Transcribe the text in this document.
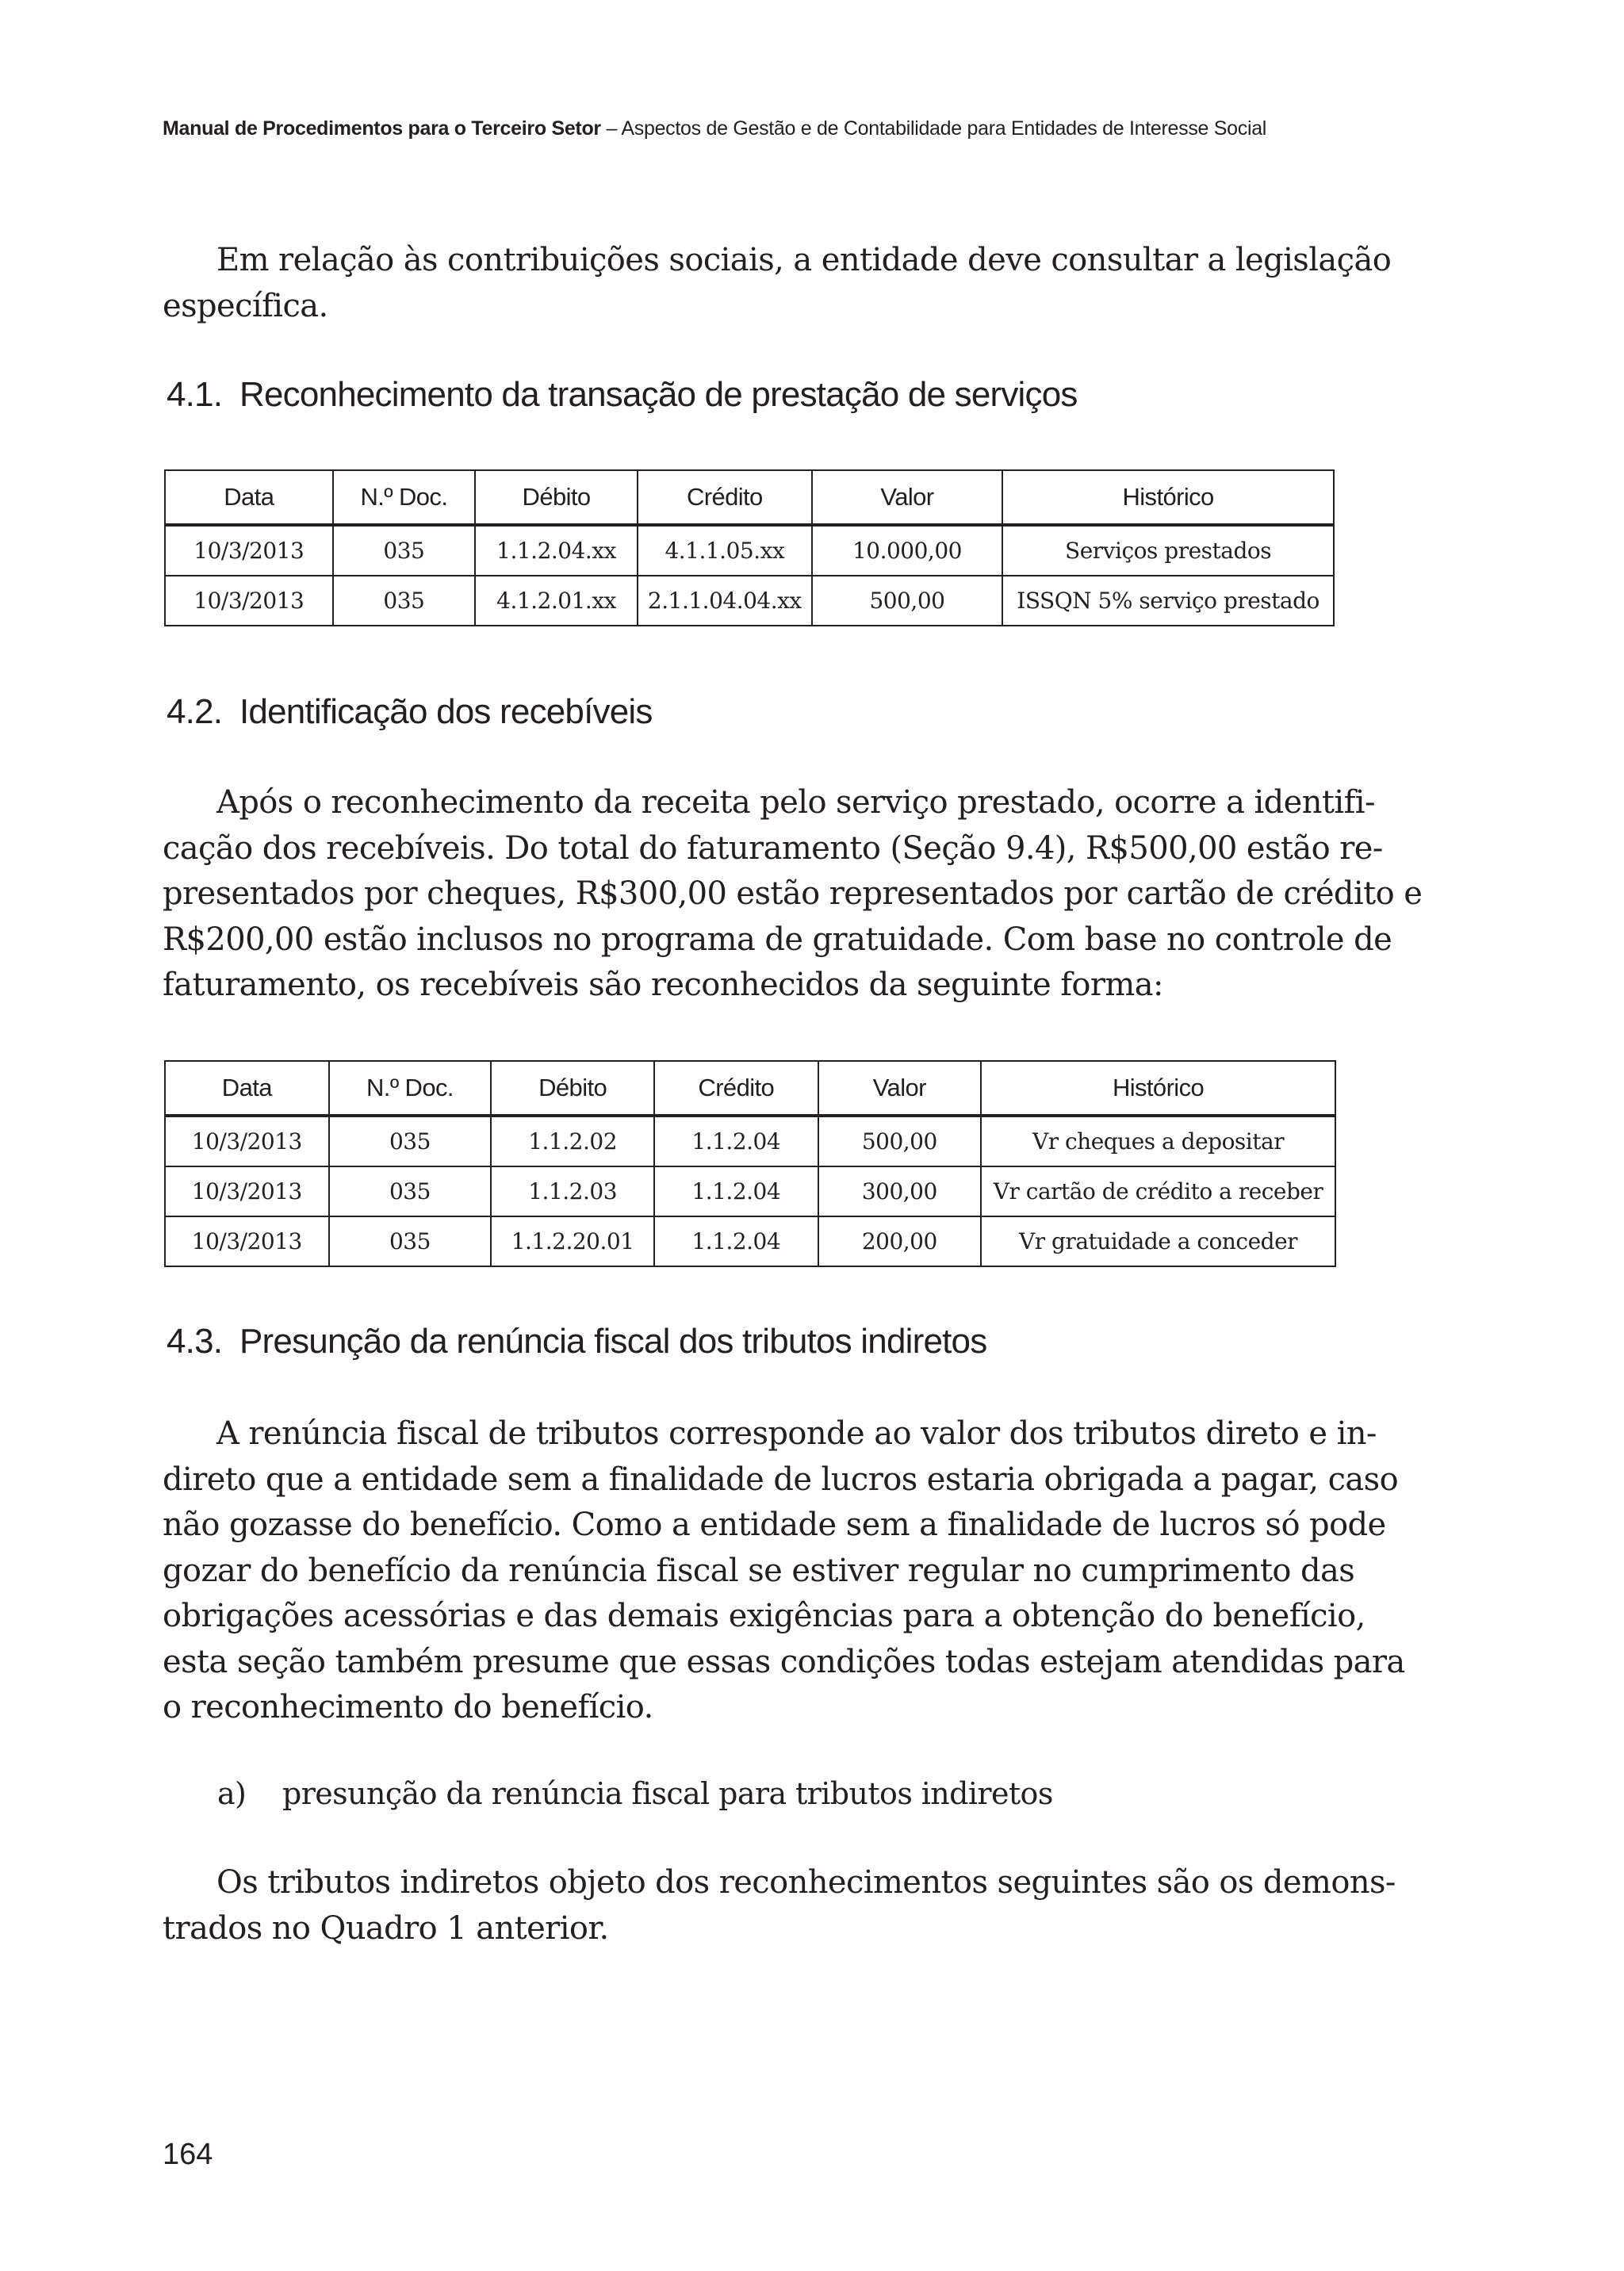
Manual de Procedimentos para o Terceiro Setor – Aspectos de Gestão e de Contabilidade para Entidades de Interesse Social
Em relação às contribuições sociais, a entidade deve consultar a legislação
específica.
4.1. Reconhecimento da transação de prestação de serviços
Data	N.º Doc.	Débito	Crédito	Valor	Histórico
10/3/2013	035	1.1.2.04.xx	4.1.1.05.xx	10.000,00	Serviços prestados
10/3/2013	035	4.1.2.01.xx	2.1.1.04.04.xx	500,00	ISSQN 5% serviço prestado
4.2. Identificação dos recebíveis
Após o reconhecimento da receita pelo serviço prestado, ocorre a identifi-
cação dos recebíveis. Do total do faturamento (Seção 9.4), R$500,00 estão re-
presentados por cheques, R$300,00 estão representados por cartão de crédito e
R$200,00 estão inclusos no programa de gratuidade. Com base no controle de
faturamento, os recebíveis são reconhecidos da seguinte forma:
Data	N.º Doc.	Débito	Crédito	Valor	Histórico
10/3/2013	035	1.1.2.02	1.1.2.04	500,00	Vr cheques a depositar
10/3/2013	035	1.1.2.03	1.1.2.04	300,00	Vr cartão de crédito a receber
10/3/2013	035	1.1.2.20.01	1.1.2.04	200,00	Vr gratuidade a conceder
4.3. Presunção da renúncia fiscal dos tributos indiretos
A renúncia fiscal de tributos corresponde ao valor dos tributos direto e in-
direto que a entidade sem a finalidade de lucros estaria obrigada a pagar, caso
não gozasse do benefício. Como a entidade sem a finalidade de lucros só pode
gozar do benefício da renúncia fiscal se estiver regular no cumprimento das
obrigações acessórias e das demais exigências para a obtenção do benefício,
esta seção também presume que essas condições todas estejam atendidas para
o reconhecimento do benefício.
a) presunção da renúncia fiscal para tributos indiretos
Os tributos indiretos objeto dos reconhecimentos seguintes são os demons-
trados no Quadro 1 anterior.
164
